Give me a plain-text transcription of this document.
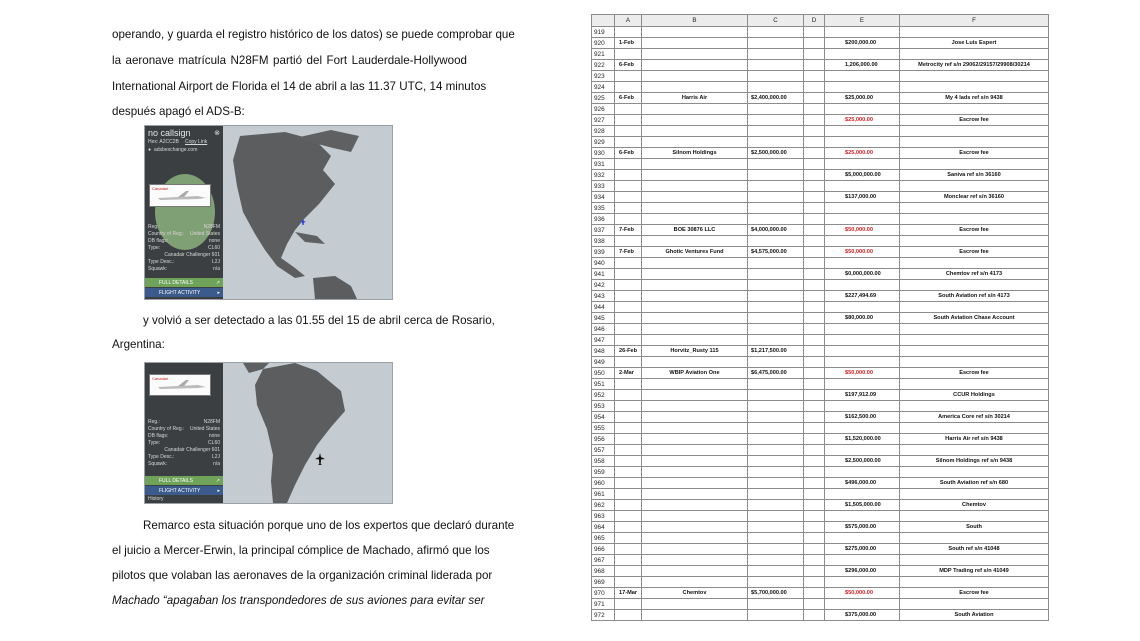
operando, y guarda el registro histórico de los datos) se puede comprobar que
la aeronave matrícula N28FM partió del Fort Lauderdale-Hollywood
International Airport de Florida el 14 de abril a las 11.37 UTC, 14 minutos
después apagó el ADS-B:
no callsign	⊗
Hex: A2CC2B Copy Link
● adsbexchange.com
Canadair
Reg.:	N28FM
Country of Reg.: United States
DB flags:	none
Type:	CL60
Canadair Challenger 601
Type Desc.:	L2J
Squawk:	n/a
FULL DETAILS	↗
FLIGHT ACTIVITY	▸
y volvió a ser detectado a las 01.55 del 15 de abril cerca de Rosario,
Argentina:
Canadair
Reg.:	N28FM
Country of Reg.: United States
DB flags:	none
Type:	CL60
Canadair Challenger 601
Type Desc.:	L2J
Squawk:	n/a
FULL DETAILS	↗
FLIGHT ACTIVITY	▸
History
Remarco esta situación porque uno de los expertos que declaró durante
el juicio a Mercer-Erwin, la principal cómplice de Machado, afirmó que los
pilotos que volaban las aeronaves de la organización criminal liderada por
Machado “apagaban los transpondedores de sus aviones para evitar ser
	A	B	C	D	E	F
919						
920	1-Feb				$200,000.00	Jose Luis Espert
921						
922	6-Feb				1,206,000.00	Metrocity ref s/n 29062/29157/29908/30214
923						
924						
925	6-Feb	Harris Air	$2,400,000.00		$25,000.00	My 4 lads ref s/n 9438
926						
927					$25,000.00	Escrow fee
928						
929						
930	6-Feb	Silnom Holdings	$2,500,000.00		$25,000.00	Escrow fee
931						
932					$5,000,000.00	Saniva ref s/n 36160
933						
934					$137,000.00	Monclear ref s/n 36160
935						
936						
937	7-Feb	BOE 30876 LLC	$4,000,000.00		$50,000.00	Escrow fee
938						
939	7-Feb	Ghotic Ventures Fund	$4,575,000.00		$50,000.00	Escrow fee
940						
941					$0,000,000.00	Chemtov ref s/n 4173
942						
943					$227,494.69	South Aviation ref s/n 4173
944						
945					$80,000.00	South Aviation Chase Account
946						
947						
948	26-Feb	Horvitz_Rusty 115	$1,217,500.00			
949						
950	2-Mar	WBIP Aviation One	$6,475,000.00		$50,000.00	Escrow fee
951						
952					$197,912.09	CCUR Holdings
953						
954					$162,500.00	America Core ref s/n 30214
955						
956					$1,520,000.00	Harris Air ref s/n 9438
957						
958					$2,500,000.00	Silnom Holdings ref s/n 9438
959						
960					$496,000.00	South Aviation ref s/n 680
961						
962					$1,505,000.00	Chemtov
963						
964					$575,000.00	South
965						
966					$275,000.00	South ref s/n 41048
967						
968					$296,000.00	MDP Trading ref s/n 41049
969						
970	17-Mar	Chemtov	$5,700,000.00		$50,000.00	Escrow fee
971						
972					$375,000.00	South Aviation
